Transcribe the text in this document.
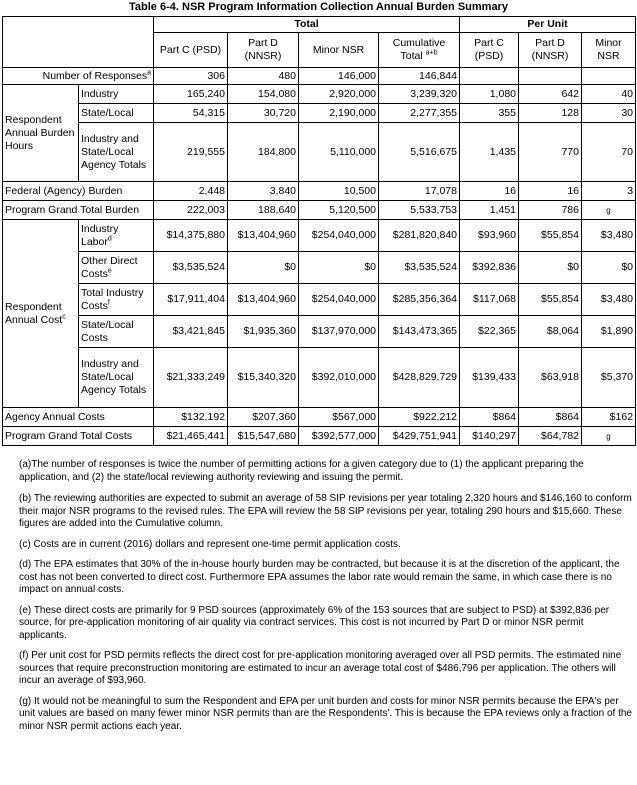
Table 6-4. NSR Program Information Collection Annual Burden Summary
		Total				Per Unit		
		Part C (PSD)	Part D (NNSR)	Minor NSR	Cumulative Total $^{a+b}$	Part C (PSD)	Part D (NNSR)	Minor NSR
Number of Responses$^a$		306	480	146,000	146,844			
Respondent Annual Burden Hours	Industry	165,240	154,080	2,920,000	3,239,320	1,080	642	40
	State/Local	54,315	30,720	2,190,000	2,277,355	355	128	30
	Industry and State/Local Agency Totals	219,555	184,800	5,110,000	5,516,675	1,435	770	70
Federal (Agency) Burden		2,448	3,840	10,500	17,078	16	16	3
Program Grand Total Burden		222,003	188,640	5,120,500	5,533,753	1,451	786	g
Respondent Annual Cost$^c$	Industry Labor$^d$	$14,375,880	$13,404,960	$254,040,000	$281,820,840	$93,960	$55,854	$3,480
	Other Direct Costs$^e$	$3,535,524	$0	$0	$3,535,524	$392,836	$0	$0
	Total Industry Costs$^f$	$17,911,404	$13,404,960	$254,040,000	$285,356,364	$117,068	$55,854	$3,480
	State/Local Costs	$3,421,845	$1,935,360	$137,970,000	$143,473,365	$22,365	$8,064	$1,890
	Industry and State/Local Agency Totals	$21,333,249	$15,340,320	$392,010,000	$428,829,729	$139,433	$63,918	$5,370
Agency Annual Costs		$132,192	$207,360	$567,000	$922,212	$864	$864	$162
Program Grand Total Costs		$21,465,441	$15,547,680	$392,577,000	$429,751,941	$140,297	$64,782	g

(a)The number of responses is twice the number of permitting actions for a given category due to (1) the applicant preparing the application, and (2) the state/local reviewing authority reviewing and issuing the permit.

(b) The reviewing authorities are expected to submit an average of 58 SIP revisions per year totaling 2,320 hours and $146,160 to conform their major NSR programs to the revised rules. The EPA will review the 58 SIP revisions per year, totaling 290 hours and $15,660. These figures are added into the Cumulative column.

(c) Costs are in current (2016) dollars and represent one-time permit application costs.

(d) The EPA estimates that 30% of the in-house hourly burden may be contracted, but because it is at the discretion of the applicant, the cost has not been converted to direct cost. Furthermore EPA assumes the labor rate would remain the same, in which case there is no impact on annual costs.

(e) These direct costs are primarily for 9 PSD sources (approximately 6% of the 153 sources that are subject to PSD) at $392,836 per source, for pre-application monitoring of air quality via contract services. This cost is not incurred by Part D or minor NSR permit applicants.

(f) Per unit cost for PSD permits reflects the direct cost for pre-application monitoring averaged over all PSD permits. The estimated nine sources that require preconstruction monitoring are estimated to incur an average total cost of $486,796 per application. The others will incur an average of $93,960.

(g) It would not be meaningful to sum the Respondent and EPA per unit burden and costs for minor NSR permits because the EPA's per unit values are based on many fewer minor NSR permits than are the Respondents'. This is because the EPA reviews only a fraction of the minor NSR permit actions each year.
